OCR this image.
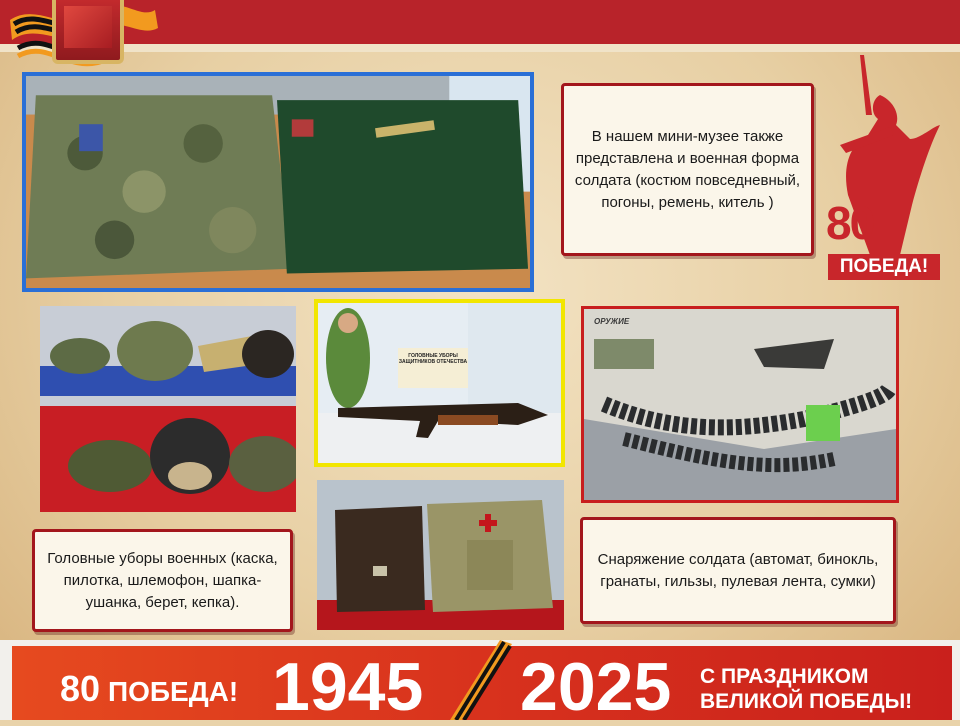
В нашем мини-музее также представлена и военная форма солдата (костюм повседневный, погоны, ремень, китель )	80
ПОБЕДА!
Головные уборы военных (каска, пилотка, шлемофон, шапка-ушанка, берет, кепка).
ГОЛОВНЫЕ УБОРЫ ЗАЩИТНИКОВ ОТЕЧЕСТВА
ОРУЖИЕ
Снаряжение солдата (автомат, бинокль, гранаты, гильзы, пулевая лента, сумки)
80 ПОБЕДА! 1945 2025 С ПРАЗДНИКОМ
ВЕЛИКОЙ ПОБЕДЫ!
